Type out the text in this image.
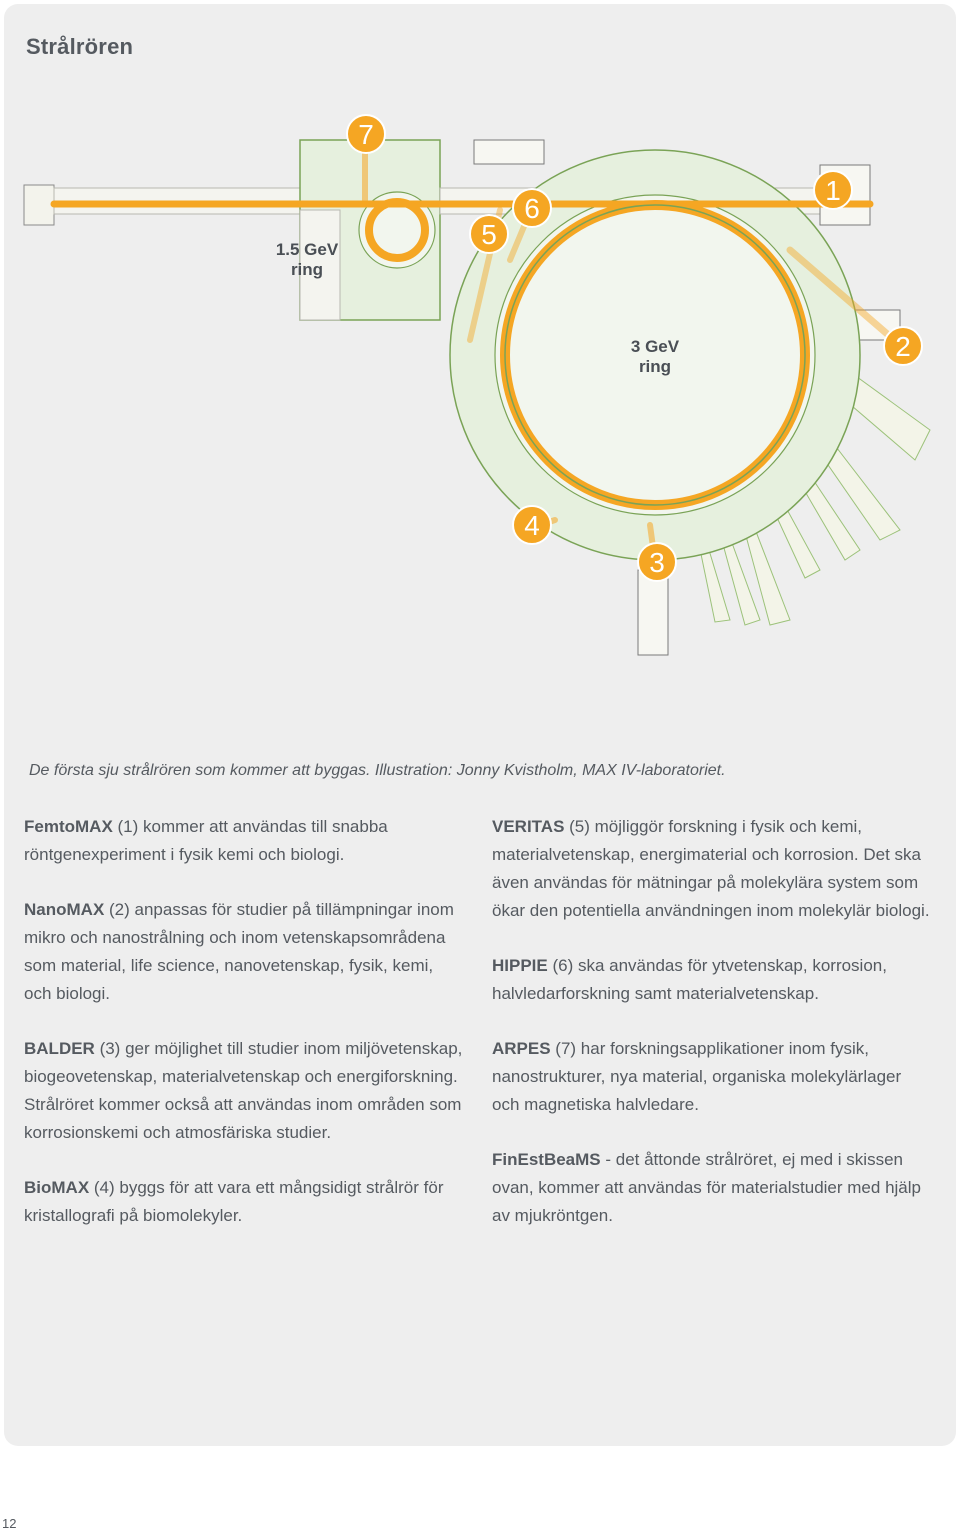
Strålrören
1.5 GeV
ring
3 GeV
ring
1
2
3
4
5
6
7
De första sju strålrören som kommer att byggas. Illustration: Jonny Kvistholm, MAX IV-laboratoriet.

FemtoMAX (1) kommer att användas till snabba röntgenexperiment i fysik kemi och biologi.

NanoMAX (2) anpassas för studier på tillämpningar inom mikro och nanostrålning och inom vetenskapsområdena som material, life science, nanovetenskap, fysik, kemi, och biologi.

BALDER (3) ger möjlighet till studier inom miljövetenskap, biogeovetenskap, materialvetenskap och energiforskning. Strålröret kommer också att användas inom områden som korrosionskemi och atmosfäriska studier.

BioMAX (4) byggs för att vara ett mångsidigt strålrör för kristallografi på biomolekyler.

VERITAS (5) möjliggör forskning i fysik och kemi, materialvetenskap, energimaterial och korrosion. Det ska även användas för mätningar på molekylära system som ökar den potentiella användningen inom molekylär biologi.

HIPPIE (6) ska användas för ytvetenskap, korrosion, halvledarforskning samt materialvetenskap.

ARPES (7) har forskningsapplikationer inom fysik, nanostrukturer, nya material, organiska molekylärlager och magnetiska halvledare.

FinEstBeaMS - det åttonde strålröret, ej med i skissen ovan, kommer att användas för materialstudier med hjälp av mjukröntgen.

12
